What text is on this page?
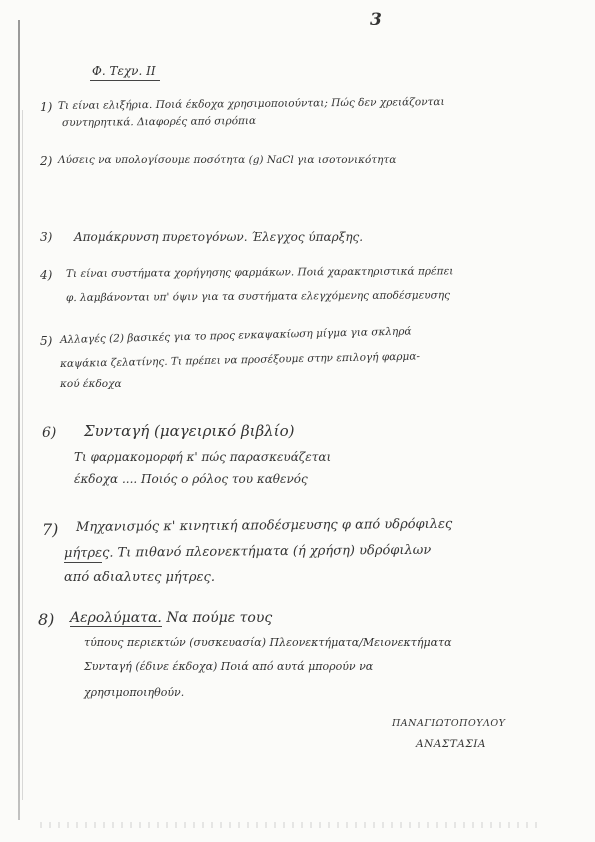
3
Φ. Τεχν. ΙΙ
1) Τι είναι ελιξήρια. Ποιά έκδοχα χρησιμοποιούνται; Πώς δεν χρειάζονται
συντηρητικά. Διαφορές από σιρόπια
2) Λύσεις να υπολογίσουμε ποσότητα (g) NaCl για ισοτονικότητα
3) Απομάκρυνση πυρετογόνων. Έλεγχος ύπαρξης.
4) Τι είναι συστήματα χορήγησης φαρμάκων. Ποιά χαρακτηριστικά πρέπει
φ. λαμβάνονται υπ' όψιν για τα συστήματα ελεγχόμενης αποδέσμευσης
5) Αλλαγές (2) βασικές για το προς ενκαψακίωση μίγμα για σκληρά
καψάκια ζελατίνης. Τι πρέπει να προσέξουμε στην επιλογή φαρμα-
κού έκδοχα
6) Συνταγή (μαγειρικό βιβλίο)
Τι φαρμακομορφή κ' πώς παρασκευάζεται
έκδοχα .... Ποιός ο ρόλος του καθενός
7) Μηχανισμός κ' κινητική αποδέσμευσης φ από υδρόφιλες
μήτρες. Τι πιθανό πλεονεκτήματα (ή χρήση) υδρόφιλων
από αδιαλυτες μήτρες.
8) Αερολύματα. Να πούμε τους
τύπους περιεκτών (συσκευασία) Πλεονεκτήματα/Μειονεκτήματα
Συνταγή (έδινε έκδοχα) Ποιά από αυτά μπορούν να
χρησιμοποιηθούν.
ΠΑΝΑΓΙΩΤΟΠΟΥΛΟΥ
ΑΝΑΣΤΑΣΙΑ
